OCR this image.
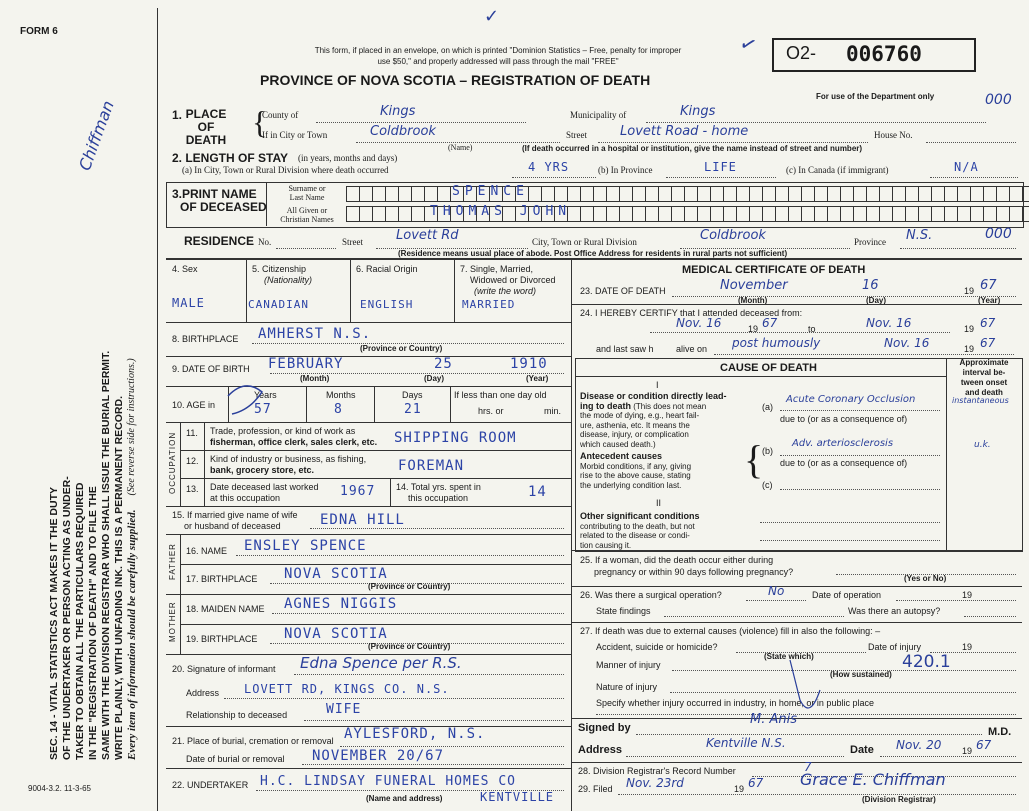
FORM 6
This form, if placed in an envelope, on which is printed "Dominion Statistics – Free, penalty for improper
use $50," and properly addressed will pass through the mail "FREE"
PROVINCE OF NOVA SCOTIA – REGISTRATION OF DEATH
O2- 006760
For use of the Department only	000
✓
✓
SEC. 14 - VITAL STATISTICS ACT MAKES IT THE DUTY OF THE UNDERTAKER OR PERSON ACTING AS UNDER- TAKER TO OBTAIN ALL THE PARTICULARS REQUIRED IN THE "REGISTRATION OF DEATH" AND TO FILE THE SAME WITH THE DIVISION REGISTRAR WHO SHALL ISSUE THE BURIAL PERMIT. WRITE PLAINLY, WITH UNFADING INK. THIS IS A PERMANENT RECORD. Every item of information should be carefully supplied.
(See reverse side for instructions.)
Chiffman	1. PLACE
OF
DEATH {
County of	Kings	Municipality of	Kings
If in City or Town	Coldbrook
(Name)
Street	Lovett Road - home	House No.
(If death occurred in a hospital or institution, give the name instead of street and number)
2. LENGTH OF STAY (in years, months and days)
(a) In City, Town or Rural Division where death occurred	4 YRS	(b) In Province	LIFE	(c) In Canada (if immigrant)	N/A
3.PRINT NAME
OF DECEASED
Surname or
Last Name
All Given or
Christian Names
SPENCE
THOMAS JOHN
RESIDENCE No.	Street	Lovett Rd	City, Town or Rural Division	Coldbrook	Province N.S.	000
(Residence means usual place of abode. Post Office Address for residents in rural parts not sufficient)
4. Sex
MALE
5. Citizenship
(Nationality)
CANADIAN
6. Racial Origin
ENGLISH
7. Single, Married,
Widowed or Divorced
(write the word)
MARRIED
8. BIRTHPLACE AMHERST N.S.
(Province or Country)
9. DATE OF BIRTH FEBRUARY	25	1910
(Month)	(Day)	(Year)
10. AGE in
Years	Months	Days
57	8	21
If less than one day old
hrs. or	min.
OCCUPATION 11. Trade, profession, or kind of work as
fisherman, office clerk, sales clerk, etc. SHIPPING ROOM
12. Kind of industry or business, as fishing,
bank, grocery store, etc.	FOREMAN
13. Date deceased last worked
at this occupation	1967 14. Total yrs. spent in
this occupation	14
15. If married give name of wife
or husband of deceased	EDNA HILL
FATHER 16. NAME ENSLEY SPENCE
17. BIRTHPLACE NOVA SCOTIA
(Province or Country)
MOTHER 18. MAIDEN NAME AGNES NIGGIS
19. BIRTHPLACE NOVA SCOTIA
(Province or Country)
20. Signature of informant Edna Spence per R.S.
Address LOVETT RD, KINGS CO. N.S.
Relationship to deceased	WIFE
21. Place of burial, cremation or removal AYLESFORD, N.S.
Date of burial or removal NOVEMBER 20/67
22. UNDERTAKER H.C. LINDSAY FUNERAL HOMES CO
KENTVILLE
(Name and address)
9004-3.2. 11-3-65
MEDICAL CERTIFICATE OF DEATH
23. DATE OF DEATH	November	16	19 67
(Month)	(Day)	(Year)
24. I HEREBY CERTIFY that I attended deceased from:
Nov. 16	19 67	to	Nov. 16	19 67
and last saw h alive on post humously	Nov. 16	19 67
CAUSE OF DEATH	Approximate
interval be-
tween onset
and death
I
Disease or condition directly lead-
ing to death (This does not mean
the mode of dying, e.g., heart fail-
ure, asthenia, etc. It means the
disease, injury, or complication
which caused death.)
(a)
Acute Coronary Occlusion	instantaneous
due to (or as a consequence of)
{
Antecedent causes
Morbid conditions, if any, giving
rise to the above cause, stating
the underlying condition last.
(b)
Adv. arteriosclerosis	u.k.
due to (or as a consequence of)
(c)
II
Other significant conditions
contributing to the death, but not
related to the disease or condi-
tion causing it.
25. If a woman, did the death occur either during
pregnancy or within 90 days following pregnancy?
(Yes or No)
26. Was there a surgical operation?	No	Date of operation	19
State findings	Was there an autopsy?
27. If death was due to external causes (violence) fill in also the following: –
Accident, suicide or homicide?
(State which)
Date of injury	19
420.1
Manner of injury
(How sustained)
Nature of injury
Specify whether injury occurred in industry, in home, or in public place
Signed by
M. Anis
M.D.
Address	Kentville N.S.	Date Nov. 20 19 67
28. Division Registrar's Record Number	7
29. Filed Nov. 23rd	19 67 Grace E. Chiffman
(Division Registrar)
